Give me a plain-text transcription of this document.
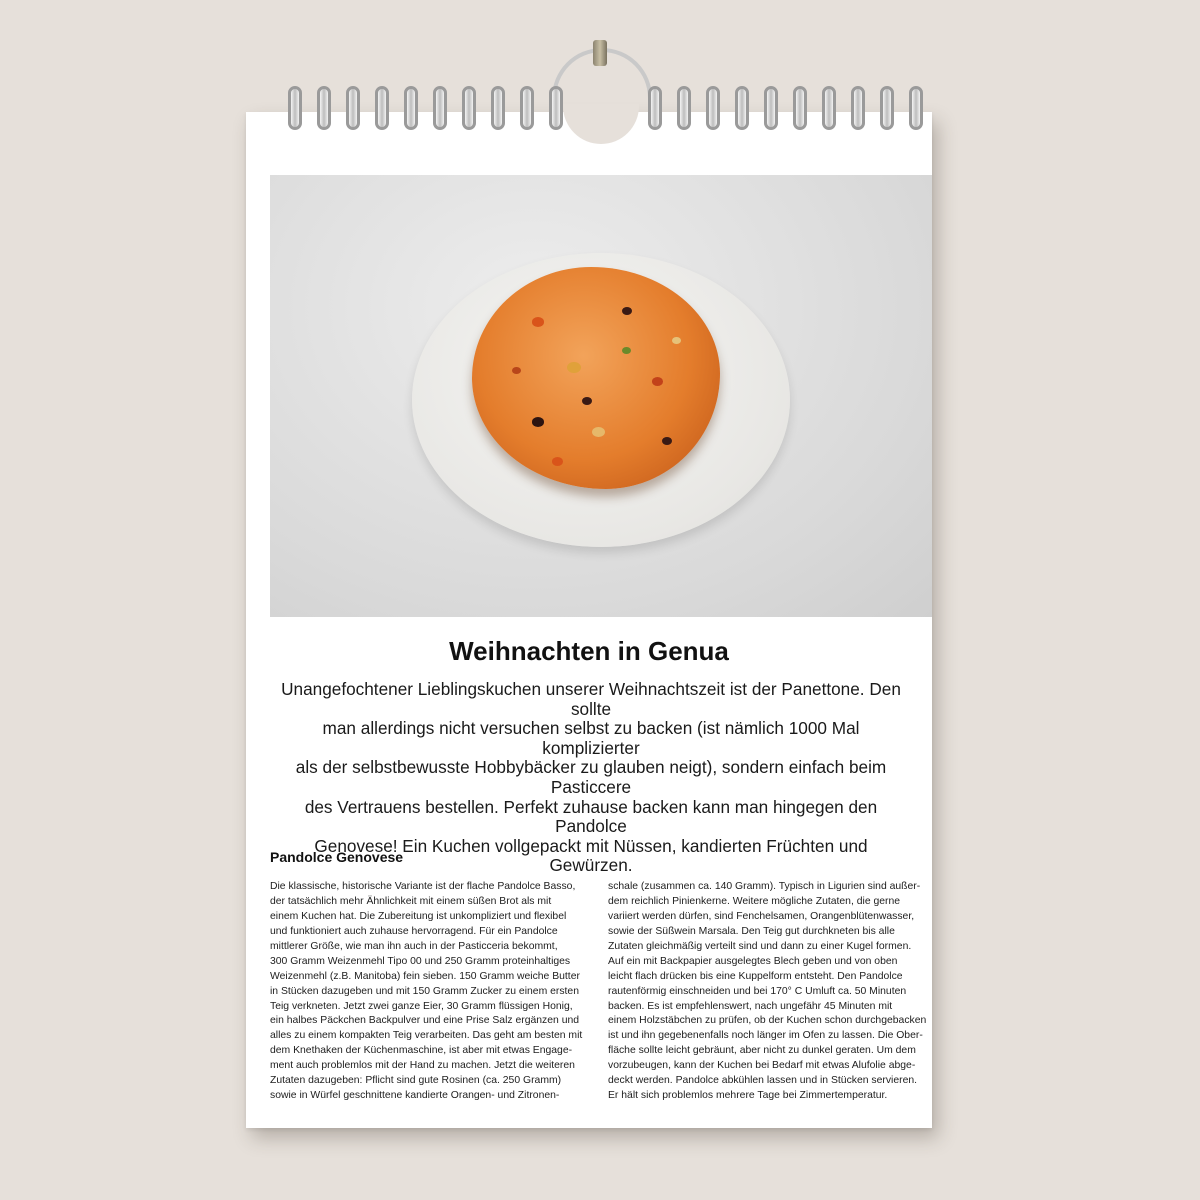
Weihnachten in Genua
Unangefochtener Lieblingskuchen unserer Weihnachtszeit ist der Panettone. Den sollte
man allerdings nicht versuchen selbst zu backen (ist nämlich 1000 Mal komplizierter
als der selbstbewusste Hobbybäcker zu glauben neigt), sondern einfach beim Pasticcere
des Vertrauens bestellen. Perfekt zuhause backen kann man hingegen den Pandolce
Genovese! Ein Kuchen vollgepackt mit Nüssen, kandierten Früchten und Gewürzen.
Pandolce Genovese
Die klassische, historische Variante ist der flache Pandolce Basso,
der tatsächlich mehr Ähnlichkeit mit einem süßen Brot als mit
einem Kuchen hat. Die Zubereitung ist unkompliziert und flexibel
und funktioniert auch zuhause hervorragend. Für ein Pandolce
mittlerer Größe, wie man ihn auch in der Pasticceria bekommt,
300 Gramm Weizenmehl Tipo 00 und 250 Gramm proteinhaltiges
Weizenmehl (z.B. Manitoba) fein sieben. 150 Gramm weiche Butter
in Stücken dazugeben und mit 150 Gramm Zucker zu einem ersten
Teig verkneten. Jetzt zwei ganze Eier, 30 Gramm flüssigen Honig,
ein halbes Päckchen Backpulver und eine Prise Salz ergänzen und
alles zu einem kompakten Teig verarbeiten. Das geht am besten mit
dem Knethaken der Küchenmaschine, ist aber mit etwas Engage-
ment auch problemlos mit der Hand zu machen. Jetzt die weiteren
Zutaten dazugeben: Pflicht sind gute Rosinen (ca. 250 Gramm)
sowie in Würfel geschnittene kandierte Orangen- und Zitronen-
schale (zusammen ca. 140 Gramm). Typisch in Ligurien sind außer-
dem reichlich Pinienkerne. Weitere mögliche Zutaten, die gerne
variiert werden dürfen, sind Fenchelsamen, Orangenblütenwasser,
sowie der Süßwein Marsala. Den Teig gut durchkneten bis alle
Zutaten gleichmäßig verteilt sind und dann zu einer Kugel formen.
Auf ein mit Backpapier ausgelegtes Blech geben und von oben
leicht flach drücken bis eine Kuppelform entsteht. Den Pandolce
rautenförmig einschneiden und bei 170° C Umluft ca. 50 Minuten
backen. Es ist empfehlenswert, nach ungefähr 45 Minuten mit
einem Holzstäbchen zu prüfen, ob der Kuchen schon durchgebacken
ist und ihn gegebenenfalls noch länger im Ofen zu lassen. Die Ober-
fläche sollte leicht gebräunt, aber nicht zu dunkel geraten. Um dem
vorzubeugen, kann der Kuchen bei Bedarf mit etwas Alufolie abge-
deckt werden. Pandolce abkühlen lassen und in Stücken servieren.
Er hält sich problemlos mehrere Tage bei Zimmertemperatur.
